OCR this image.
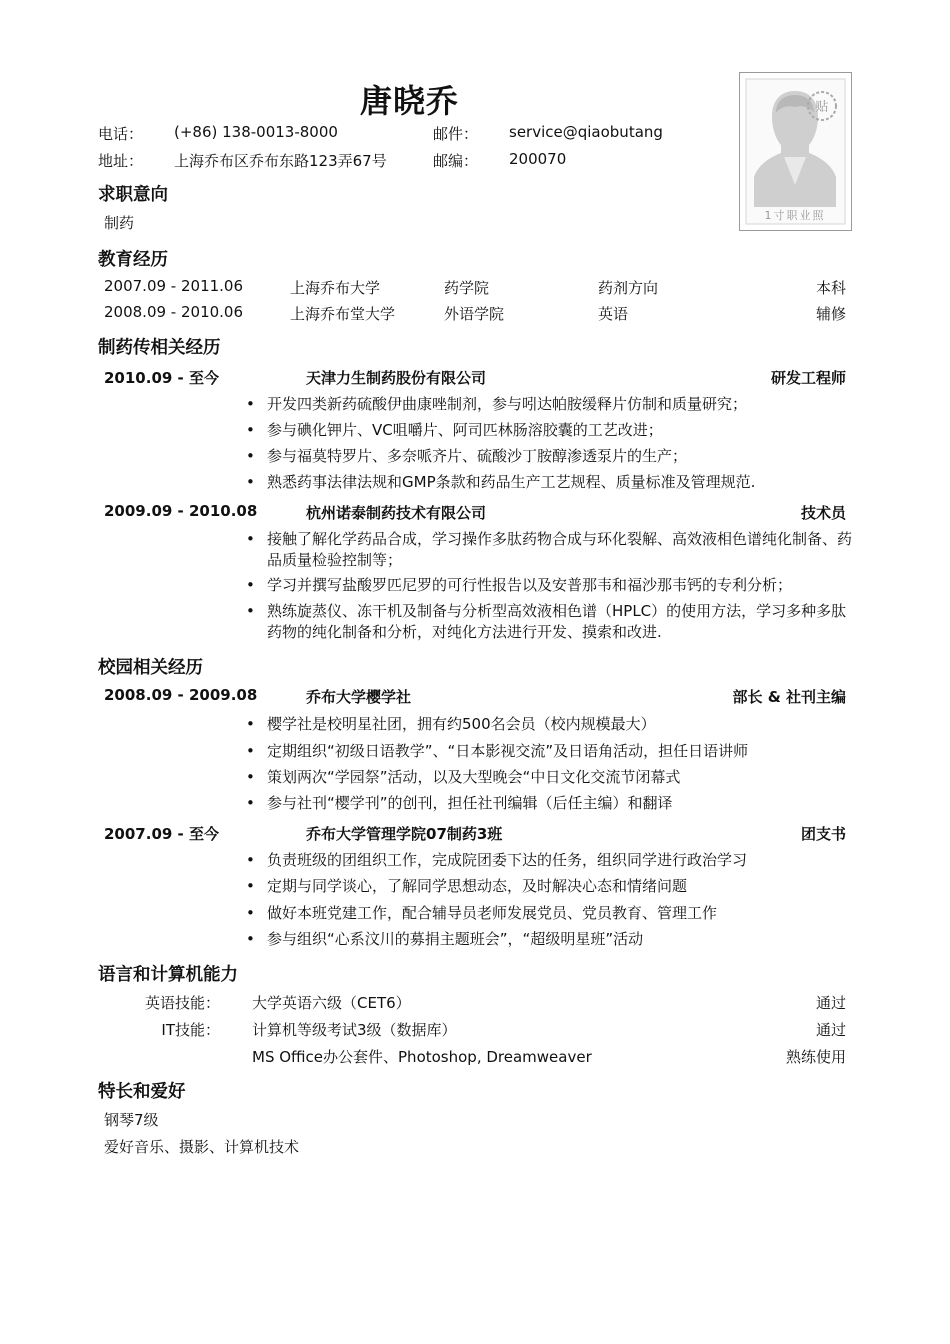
唐晓乔
电话： (+86) 138-0013-8000	邮件： service@qiaobutang
地址： 上海乔布区乔布东路123弄67号	邮编： 200070
贴
1寸职业照
求职意向
制药
教育经历
2007.09 - 2011.06	上海乔布大学	药学院	药剂方向	本科
2008.09 - 2010.06	上海乔布堂大学	外语学院	英语	辅修
制药传相关经历
2010.09 - 至今	天津力生制药股份有限公司	研发工程师
• 开发四类新药硫酸伊曲康唑制剂，参与吲达帕胺缓释片仿制和质量研究；
• 参与碘化钾片、VC咀嚼片、阿司匹林肠溶胶囊的工艺改进；
• 参与福莫特罗片、多奈哌齐片、硫酸沙丁胺醇渗透泵片的生产；
• 熟悉药事法律法规和GMP条款和药品生产工艺规程、质量标准及管理规范.
2009.09 - 2010.08	杭州诺泰制药技术有限公司	技术员
• 接触了解化学药品合成，学习操作多肽药物合成与环化裂解、高效液相色谱纯化制备、药品质量检验控制等；
• 学习并撰写盐酸罗匹尼罗的可行性报告以及安普那韦和福沙那韦钙的专利分析；
• 熟练旋蒸仪、冻干机及制备与分析型高效液相色谱（HPLC）的使用方法，学习多种多肽药物的纯化制备和分析，对纯化方法进行开发、摸索和改进.
校园相关经历
2008.09 - 2009.08	乔布大学樱学社	部长 & 社刊主编
• 樱学社是校明星社团，拥有约500名会员（校内规模最大）
• 定期组织“初级日语教学”、“日本影视交流”及日语角活动，担任日语讲师
• 策划两次“学园祭”活动，以及大型晚会“中日文化交流节闭幕式
• 参与社刊“樱学刊”的创刊，担任社刊编辑（后任主编）和翻译
2007.09 - 至今	乔布大学管理学院07制药3班	团支书
• 负责班级的团组织工作，完成院团委下达的任务，组织同学进行政治学习
• 定期与同学谈心，了解同学思想动态，及时解决心态和情绪问题
• 做好本班党建工作，配合辅导员老师发展党员、党员教育、管理工作
• 参与组织“心系汶川的募捐主题班会”，“超级明星班”活动
语言和计算机能力
英语技能： 大学英语六级（CET6）	通过
IT技能： 计算机等级考试3级（数据库）	通过
MS Office办公套件、Photoshop, Dreamweaver	熟练使用
特长和爱好
钢琴7级
爱好音乐、摄影、计算机技术
